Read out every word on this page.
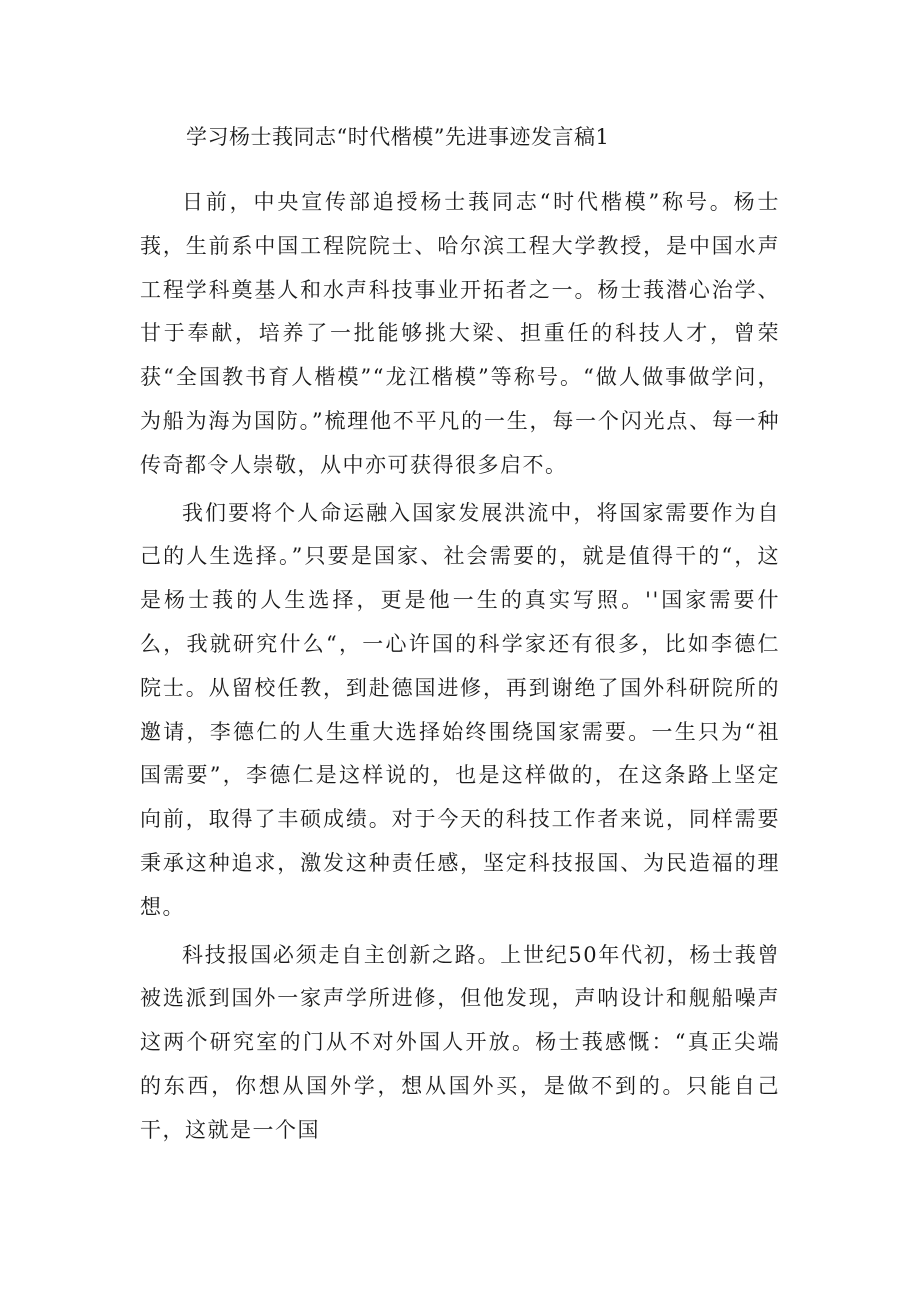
学习杨士莪同志“时代楷模”先进事迹发言稿1

日前，中央宣传部追授杨士莪同志“时代楷模”称号。杨士莪，生前系中国工程院院士、哈尔滨工程大学教授，是中国水声工程学科奠基人和水声科技事业开拓者之一。杨士莪潜心治学、甘于奉献，培养了一批能够挑大梁、担重任的科技人才，曾荣获“全国教书育人楷模”“龙江楷模”等称号。“做人做事做学问，为船为海为国防。”梳理他不平凡的一生，每一个闪光点、每一种传奇都令人崇敬，从中亦可获得很多启不。

我们要将个人命运融入国家发展洪流中，将国家需要作为自己的人生选择。”只要是国家、社会需要的，就是值得干的“，这是杨士莪的人生选择，更是他一生的真实写照。''国家需要什么，我就研究什么“，一心许国的科学家还有很多，比如李德仁院士。从留校任教，到赴德国进修，再到谢绝了国外科研院所的邀请，李德仁的人生重大选择始终围绕国家需要。一生只为“祖国需要”，李德仁是这样说的，也是这样做的，在这条路上坚定向前，取得了丰硕成绩。对于今天的科技工作者来说，同样需要秉承这种追求，激发这种责任感，坚定科技报国、为民造福的理想。

科技报国必须走自主创新之路。上世纪50年代初，杨士莪曾被选派到国外一家声学所进修，但他发现，声呐设计和舰船噪声这两个研究室的门从不对外国人开放。杨士莪感慨：“真正尖端的东西，你想从国外学，想从国外买，是做不到的。只能自己干，这就是一个国
